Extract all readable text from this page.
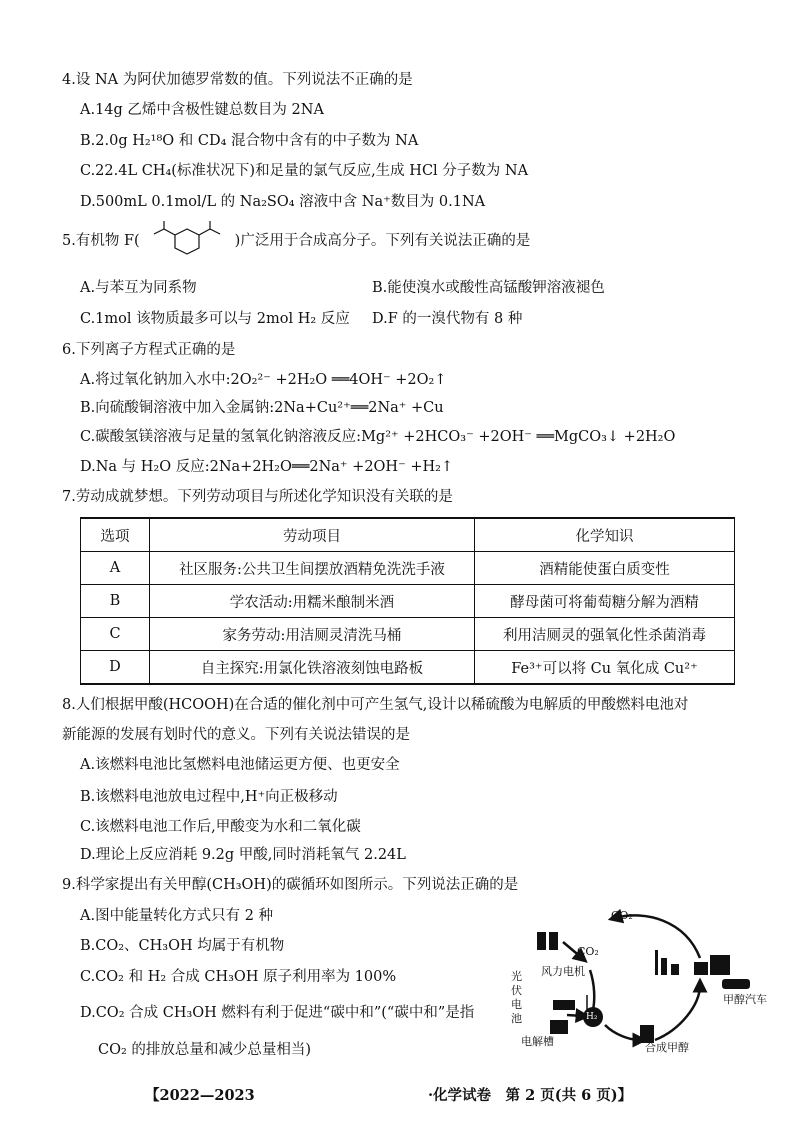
4.设 NA 为阿伏加德罗常数的值。下列说法不正确的是
A.14g 乙烯中含极性键总数目为 2NA
B.2.0g H₂¹⁸O 和 CD₄ 混合物中含有的中子数为 NA
C.22.4L CH₄(标准状况下)和足量的氯气反应,生成 HCl 分子数为 NA
D.500mL 0.1mol/L 的 Na₂SO₄ 溶液中含 Na⁺数目为 0.1NA
5.有机物 F(	)广泛用于合成高分子。下列有关说法正确的是
A.与苯互为同系物	B.能使溴水或酸性高锰酸钾溶液褪色
C.1mol 该物质最多可以与 2mol H₂ 反应 D.F 的一溴代物有 8 种
6.下列离子方程式正确的是
A.将过氧化钠加入水中:2O₂²⁻ +2H₂O ══4OH⁻ +2O₂↑
B.向硫酸铜溶液中加入金属钠:2Na+Cu²⁺══2Na⁺ +Cu
C.碳酸氢镁溶液与足量的氢氧化钠溶液反应:Mg²⁺ +2HCO₃⁻ +2OH⁻ ══MgCO₃↓ +2H₂O
D.Na 与 H₂O 反应:2Na+2H₂O══2Na⁺ +2OH⁻ +H₂↑
7.劳动成就梦想。下列劳动项目与所述化学知识没有关联的是
选项	劳动项目	化学知识
A	社区服务:公共卫生间摆放酒精免洗洗手液	酒精能使蛋白质变性
B	学农活动:用糯米酿制米酒	酵母菌可将葡萄糖分解为酒精
C	家务劳动:用洁厕灵清洗马桶	利用洁厕灵的强氧化性杀菌消毒
D	自主探究:用氯化铁溶液刻蚀电路板	Fe³⁺可以将 Cu 氧化成 Cu²⁺
8.人们根据甲酸(HCOOH)在合适的催化剂中可产生氢气,设计以稀硫酸为电解质的甲酸燃料电池对
新能源的发展有划时代的意义。下列有关说法错误的是
A.该燃料电池比氢燃料电池储运更方便、也更安全
B.该燃料电池放电过程中,H⁺向正极移动
C.该燃料电池工作后,甲酸变为水和二氧化碳
D.理论上反应消耗 9.2g 甲酸,同时消耗氧气 2.24L
9.科学家提出有关甲醇(CH₃OH)的碳循环如图所示。下列说法正确的是
A.图中能量转化方式只有 2 种
B.CO₂、CH₃OH 均属于有机物
C.CO₂ 和 H₂ 合成 CH₃OH 原子利用率为 100%
D.CO₂ 合成 CH₃OH 燃料有利于促进“碳中和”(“碳中和”是指
CO₂ 的排放总量和减少总量相当)
CO₂
CO₂
风力电机
光伏电池
电解槽
H₂
合成甲醇
甲醇汽车
【2022—2023	·化学试卷　第 2 页(共 6 页)】
